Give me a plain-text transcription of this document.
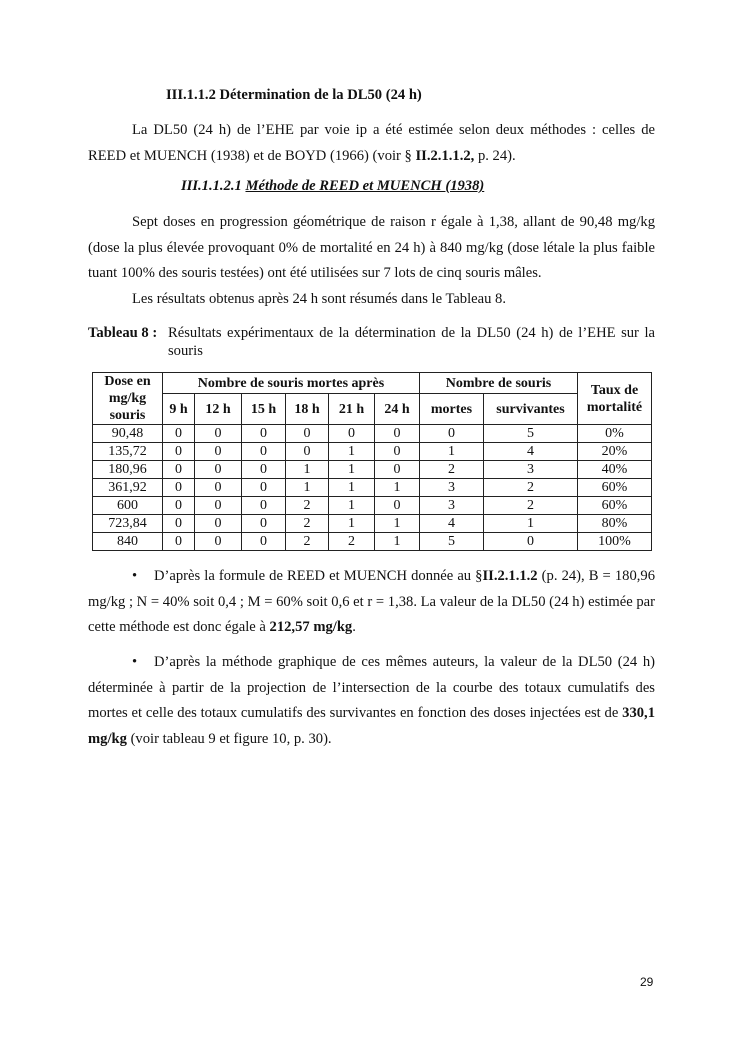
III.1.1.2 Détermination de la DL50 (24 h)
La DL50 (24 h) de l’EHE par voie ip a été estimée selon deux méthodes : celles de REED et MUENCH (1938) et de BOYD (1966) (voir § II.2.1.1.2, p. 24).
III.1.1.2.1 Méthode de REED et MUENCH (1938)
Sept doses en progression géométrique de raison r égale à 1,38, allant de 90,48 mg/kg (dose la plus élevée provoquant 0% de mortalité en 24 h) à 840 mg/kg (dose létale la plus faible tuant 100% des souris testées) ont été utilisées sur 7 lots de cinq souris mâles.
Les résultats obtenus après 24 h sont résumés dans le Tableau 8.
Tableau 8 : Résultats expérimentaux de la détermination de la DL50 (24 h) de l’EHE sur la souris
Dose en mg/kg souris	Nombre de souris mortes après						Nombre de souris		Taux de mortalité
	9 h	12 h	15 h	18 h	21 h	24 h	mortes	survivantes	
90,48	0	0	0	0	0	0	0	5	0%
135,72	0	0	0	0	1	0	1	4	20%
180,96	0	0	0	1	1	0	2	3	40%
361,92	0	0	0	1	1	1	3	2	60%
600	0	0	0	2	1	0	3	2	60%
723,84	0	0	0	2	1	1	4	1	80%
840	0	0	0	2	2	1	5	0	100%
• D’après la formule de REED et MUENCH donnée au §II.2.1.1.2 (p. 24), B = 180,96 mg/kg ; N = 40% soit 0,4 ; M = 60% soit 0,6 et r = 1,38. La valeur de la DL50 (24 h) estimée par cette méthode est donc égale à 212,57 mg/kg.
• D’après la méthode graphique de ces mêmes auteurs, la valeur de la DL50 (24 h) déterminée à partir de la projection de l’intersection de la courbe des totaux cumulatifs des mortes et celle des totaux cumulatifs des survivantes en fonction des doses injectées est de 330,1 mg/kg (voir tableau 9 et figure 10, p. 30).
29
